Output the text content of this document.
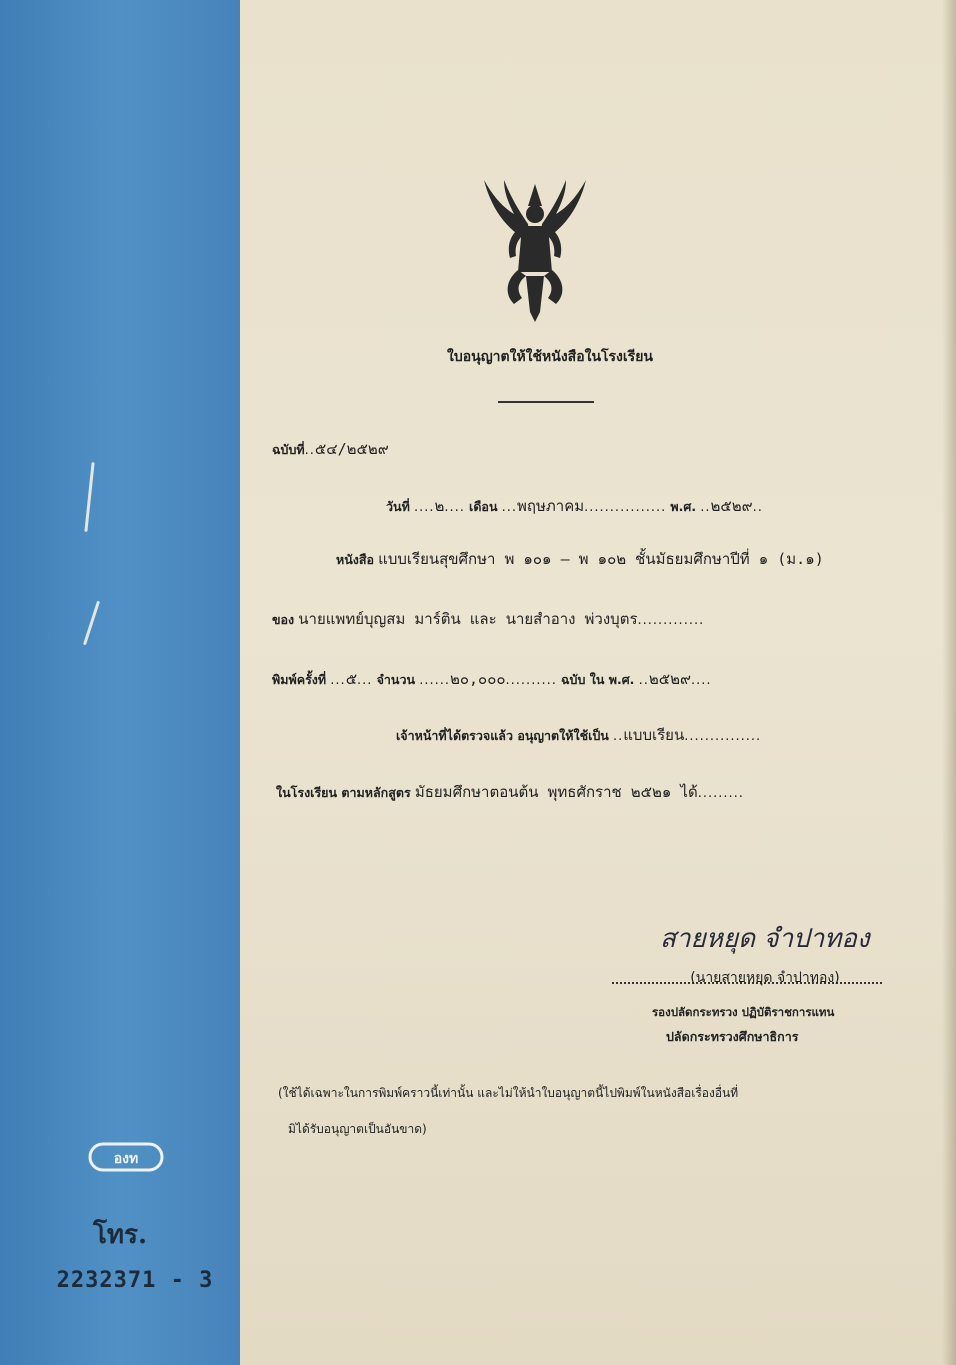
องท
โทร.
2232371 - 3
ใบอนุญาตให้ใช้หนังสือในโรงเรียน
ฉบับที่..๕๔/๒๕๒๙
วันที่ ....๒.... เดือน ...พฤษภาคม................ พ.ศ. ..๒๕๒๙..
หนังสือ แบบเรียนสุขศึกษา พ ๑๐๑ – พ ๑๐๒ ชั้นมัธยมศึกษาปีที่ ๑ (ม.๑)
ของ นายแพทย์บุญสม มาร์ติน และ นายสำอาง พ่วงบุตร.............
พิมพ์ครั้งที่ ...๕... จำนวน ......๒๐,๐๐๐.......... ฉบับ ใน พ.ศ. ..๒๕๒๙....
เจ้าหน้าที่ได้ตรวจแล้ว อนุญาตให้ใช้เป็น ..แบบเรียน...............
ในโรงเรียน ตามหลักสูตร มัธยมศึกษาตอนต้น พุทธศักราช ๒๕๒๑ ได้.........
สายหยุด จำปาทอง
(นายสายหยุด จำปาทอง)
รองปลัดกระทรวง ปฏิบัติราชการแทน
ปลัดกระทรวงศึกษาธิการ
(ใช้ได้เฉพาะในการพิมพ์คราวนี้เท่านั้น และไม่ให้นำใบอนุญาตนี้ไปพิมพ์ในหนังสือเรื่องอื่นที่
มิได้รับอนุญาตเป็นอันขาด)
